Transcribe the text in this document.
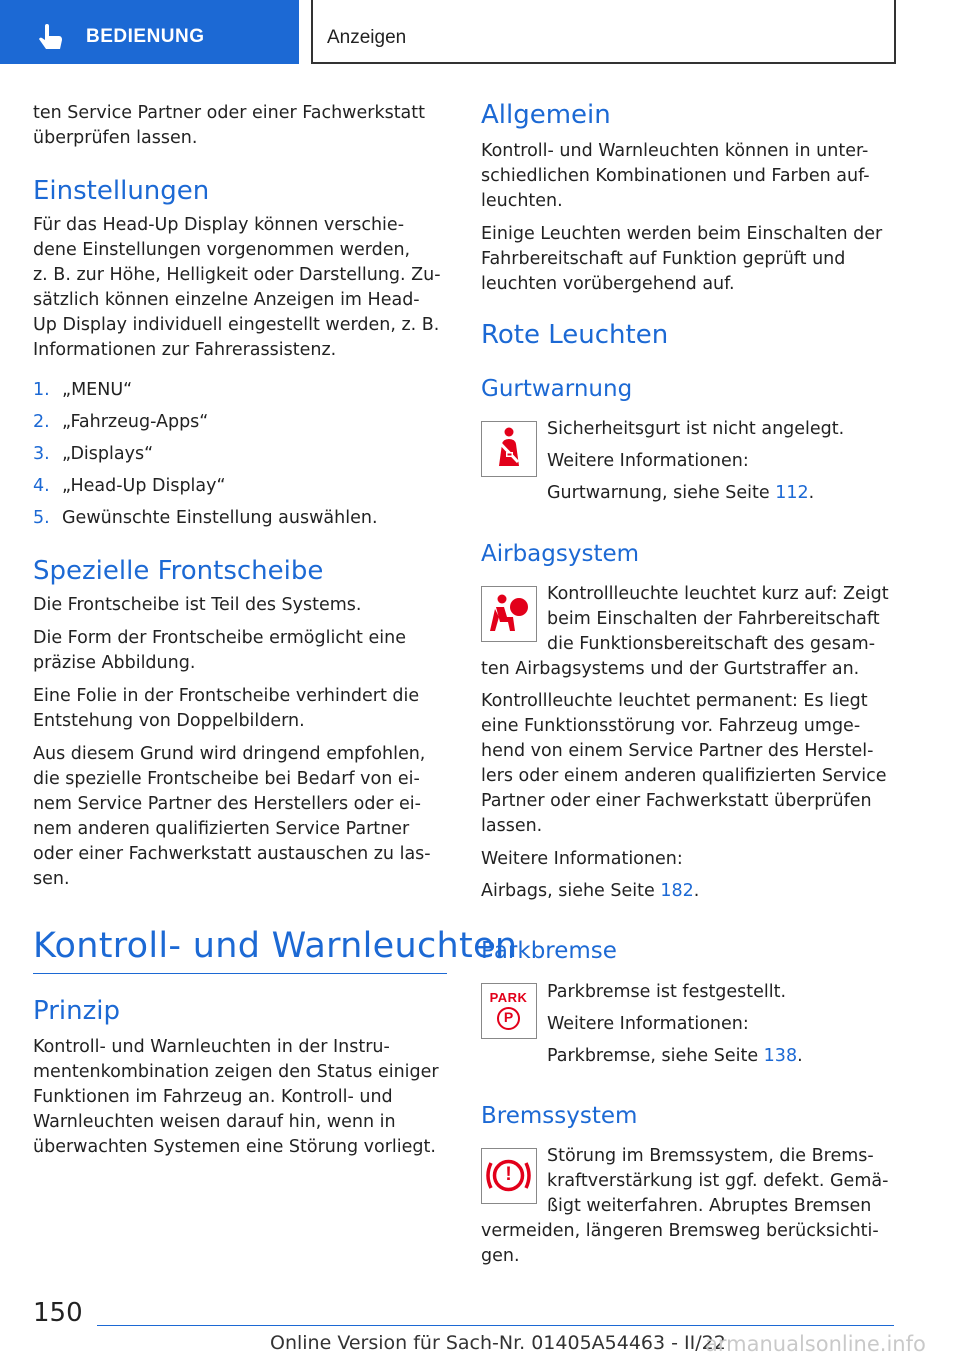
BEDIENUNG	Anzeigen
ten Service Partner oder einer Fachwerkstatt
überprüfen lassen.
Einstellungen
Für das Head-Up Display können verschie-
dene Einstellungen vorgenommen werden,
z. B. zur Höhe, Helligkeit oder Darstellung. Zu-
sätzlich können einzelne Anzeigen im Head-
Up Display individuell eingestellt werden, z. B.
Informationen zur Fahrerassistenz.
1. „MENU“
2. „Fahrzeug-Apps“
3. „Displays“
4. „Head-Up Display“
5. Gewünschte Einstellung auswählen.
Spezielle Frontscheibe
Die Frontscheibe ist Teil des Systems.
Die Form der Frontscheibe ermöglicht eine
präzise Abbildung.
Eine Folie in der Frontscheibe verhindert die
Entstehung von Doppelbildern.
Aus diesem Grund wird dringend empfohlen,
die spezielle Frontscheibe bei Bedarf von ei-
nem Service Partner des Herstellers oder ei-
nem anderen qualifizierten Service Partner
oder einer Fachwerkstatt austauschen zu las-
sen.
Kontroll- und Warnleuchten
Prinzip
Kontroll- und Warnleuchten in der Instru-
mentenkombination zeigen den Status einiger
Funktionen im Fahrzeug an. Kontroll- und
Warnleuchten weisen darauf hin, wenn in
überwachten Systemen eine Störung vorliegt.
Allgemein
Kontroll- und Warnleuchten können in unter-
schiedlichen Kombinationen und Farben auf-
leuchten.
Einige Leuchten werden beim Einschalten der
Fahrbereitschaft auf Funktion geprüft und
leuchten vorübergehend auf.
Rote Leuchten
Gurtwarnung
Sicherheitsgurt ist nicht angelegt.
Weitere Informationen:
Gurtwarnung, siehe Seite 112.
Airbagsystem
Kontrollleuchte leuchtet kurz auf: Zeigt
beim Einschalten der Fahrbereitschaft
die Funktionsbereitschaft des gesam-
ten Airbagsystems und der Gurtstraffer an.
Kontrollleuchte leuchtet permanent: Es liegt
eine Funktionsstörung vor. Fahrzeug umge-
hend von einem Service Partner des Herstel-
lers oder einem anderen qualifizierten Service
Partner oder einer Fachwerkstatt überprüfen
lassen.
Weitere Informationen:
Airbags, siehe Seite 182.
Parkbremse
PARK
P
Parkbremse ist festgestellt.
Weitere Informationen:
Parkbremse, siehe Seite 138.
Bremssystem
!
Störung im Bremssystem, die Brems-
kraftverstärkung ist ggf. defekt. Gemä-
ßigt weiterfahren. Abruptes Bremsen
vermeiden, längeren Bremsweg berücksichti-
gen.
150
Online Version für Sach-Nr. 01405A54463 - II/22
armanualsonline.info
